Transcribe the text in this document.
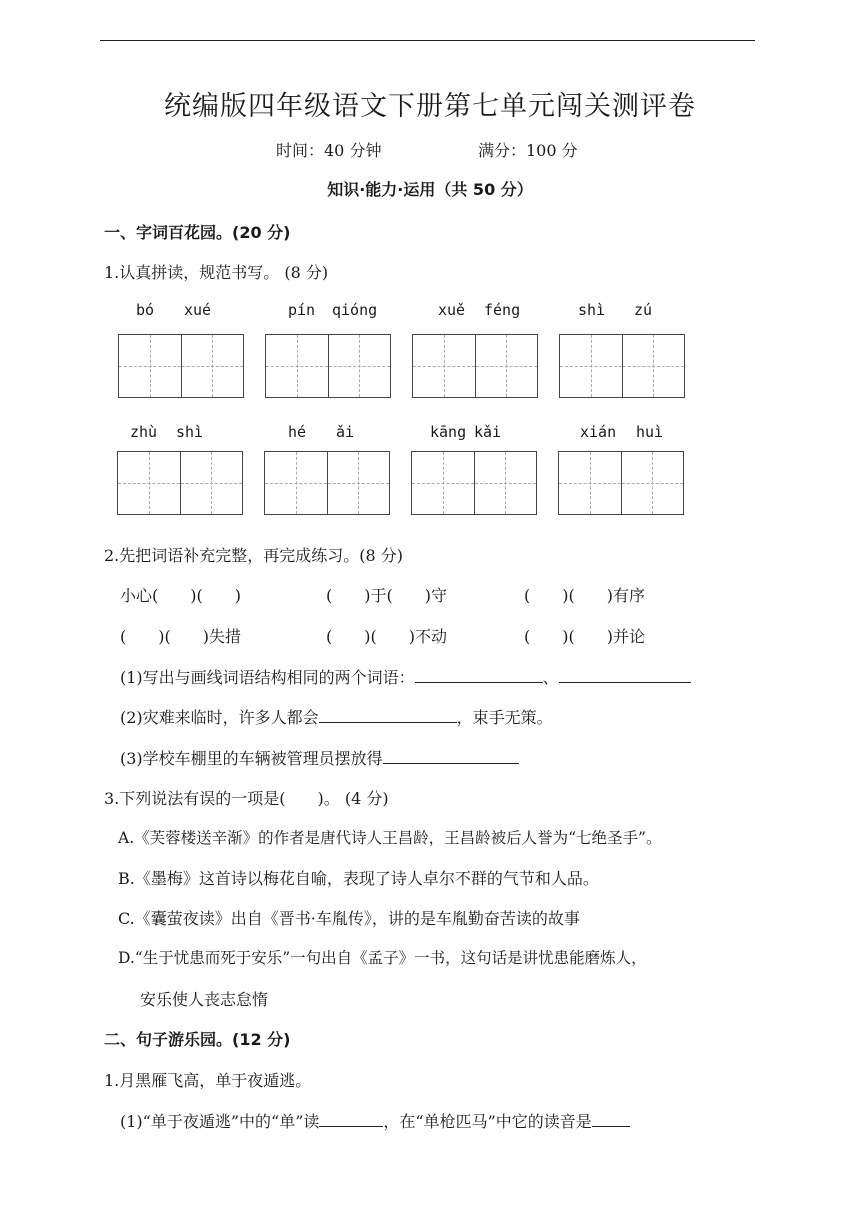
统编版四年级语文下册第七单元闯关测评卷
时间：40 分钟	满分：100 分
知识·能力·运用（共 50 分）
一、字词百花园。(20 分)
1.认真拼读，规范书写。 (8 分)
bó xué	pín qióng	xuě féng	shì zú
zhù shì	hé ǎi	kāng kǎi	xián huì
2.先把词语补充完整，再完成练习。(8 分)
小心(　　)(　　)	(　　)于(　　)守	(　　)(　　)有序
(　　)(　　)失措	(　　)(　　)不动	(　　)(　　)并论
(1)写出与画线词语结构相同的两个词语：	、
(2)灾难来临时，许多人都会	，束手无策。
(3)学校车棚里的车辆被管理员摆放得
3.下列说法有误的一项是(　　)。 (4 分)
A.《芙蓉楼送辛渐》的作者是唐代诗人王昌龄，王昌龄被后人誉为“七绝圣手”。
B.《墨梅》这首诗以梅花自喻，表现了诗人卓尔不群的气节和人品。
C.《囊萤夜读》出自《晋书·车胤传》，讲的是车胤勤奋苦读的故事
D.“生于忧患而死于安乐”一句出自《孟子》一书，这句话是讲忧患能磨炼人，
安乐使人丧志怠惰
二、句子游乐园。(12 分)
1.月黑雁飞高，单于夜遁逃。
(1)“单于夜遁逃”中的“单”读	，在“单枪匹马”中它的读音是
